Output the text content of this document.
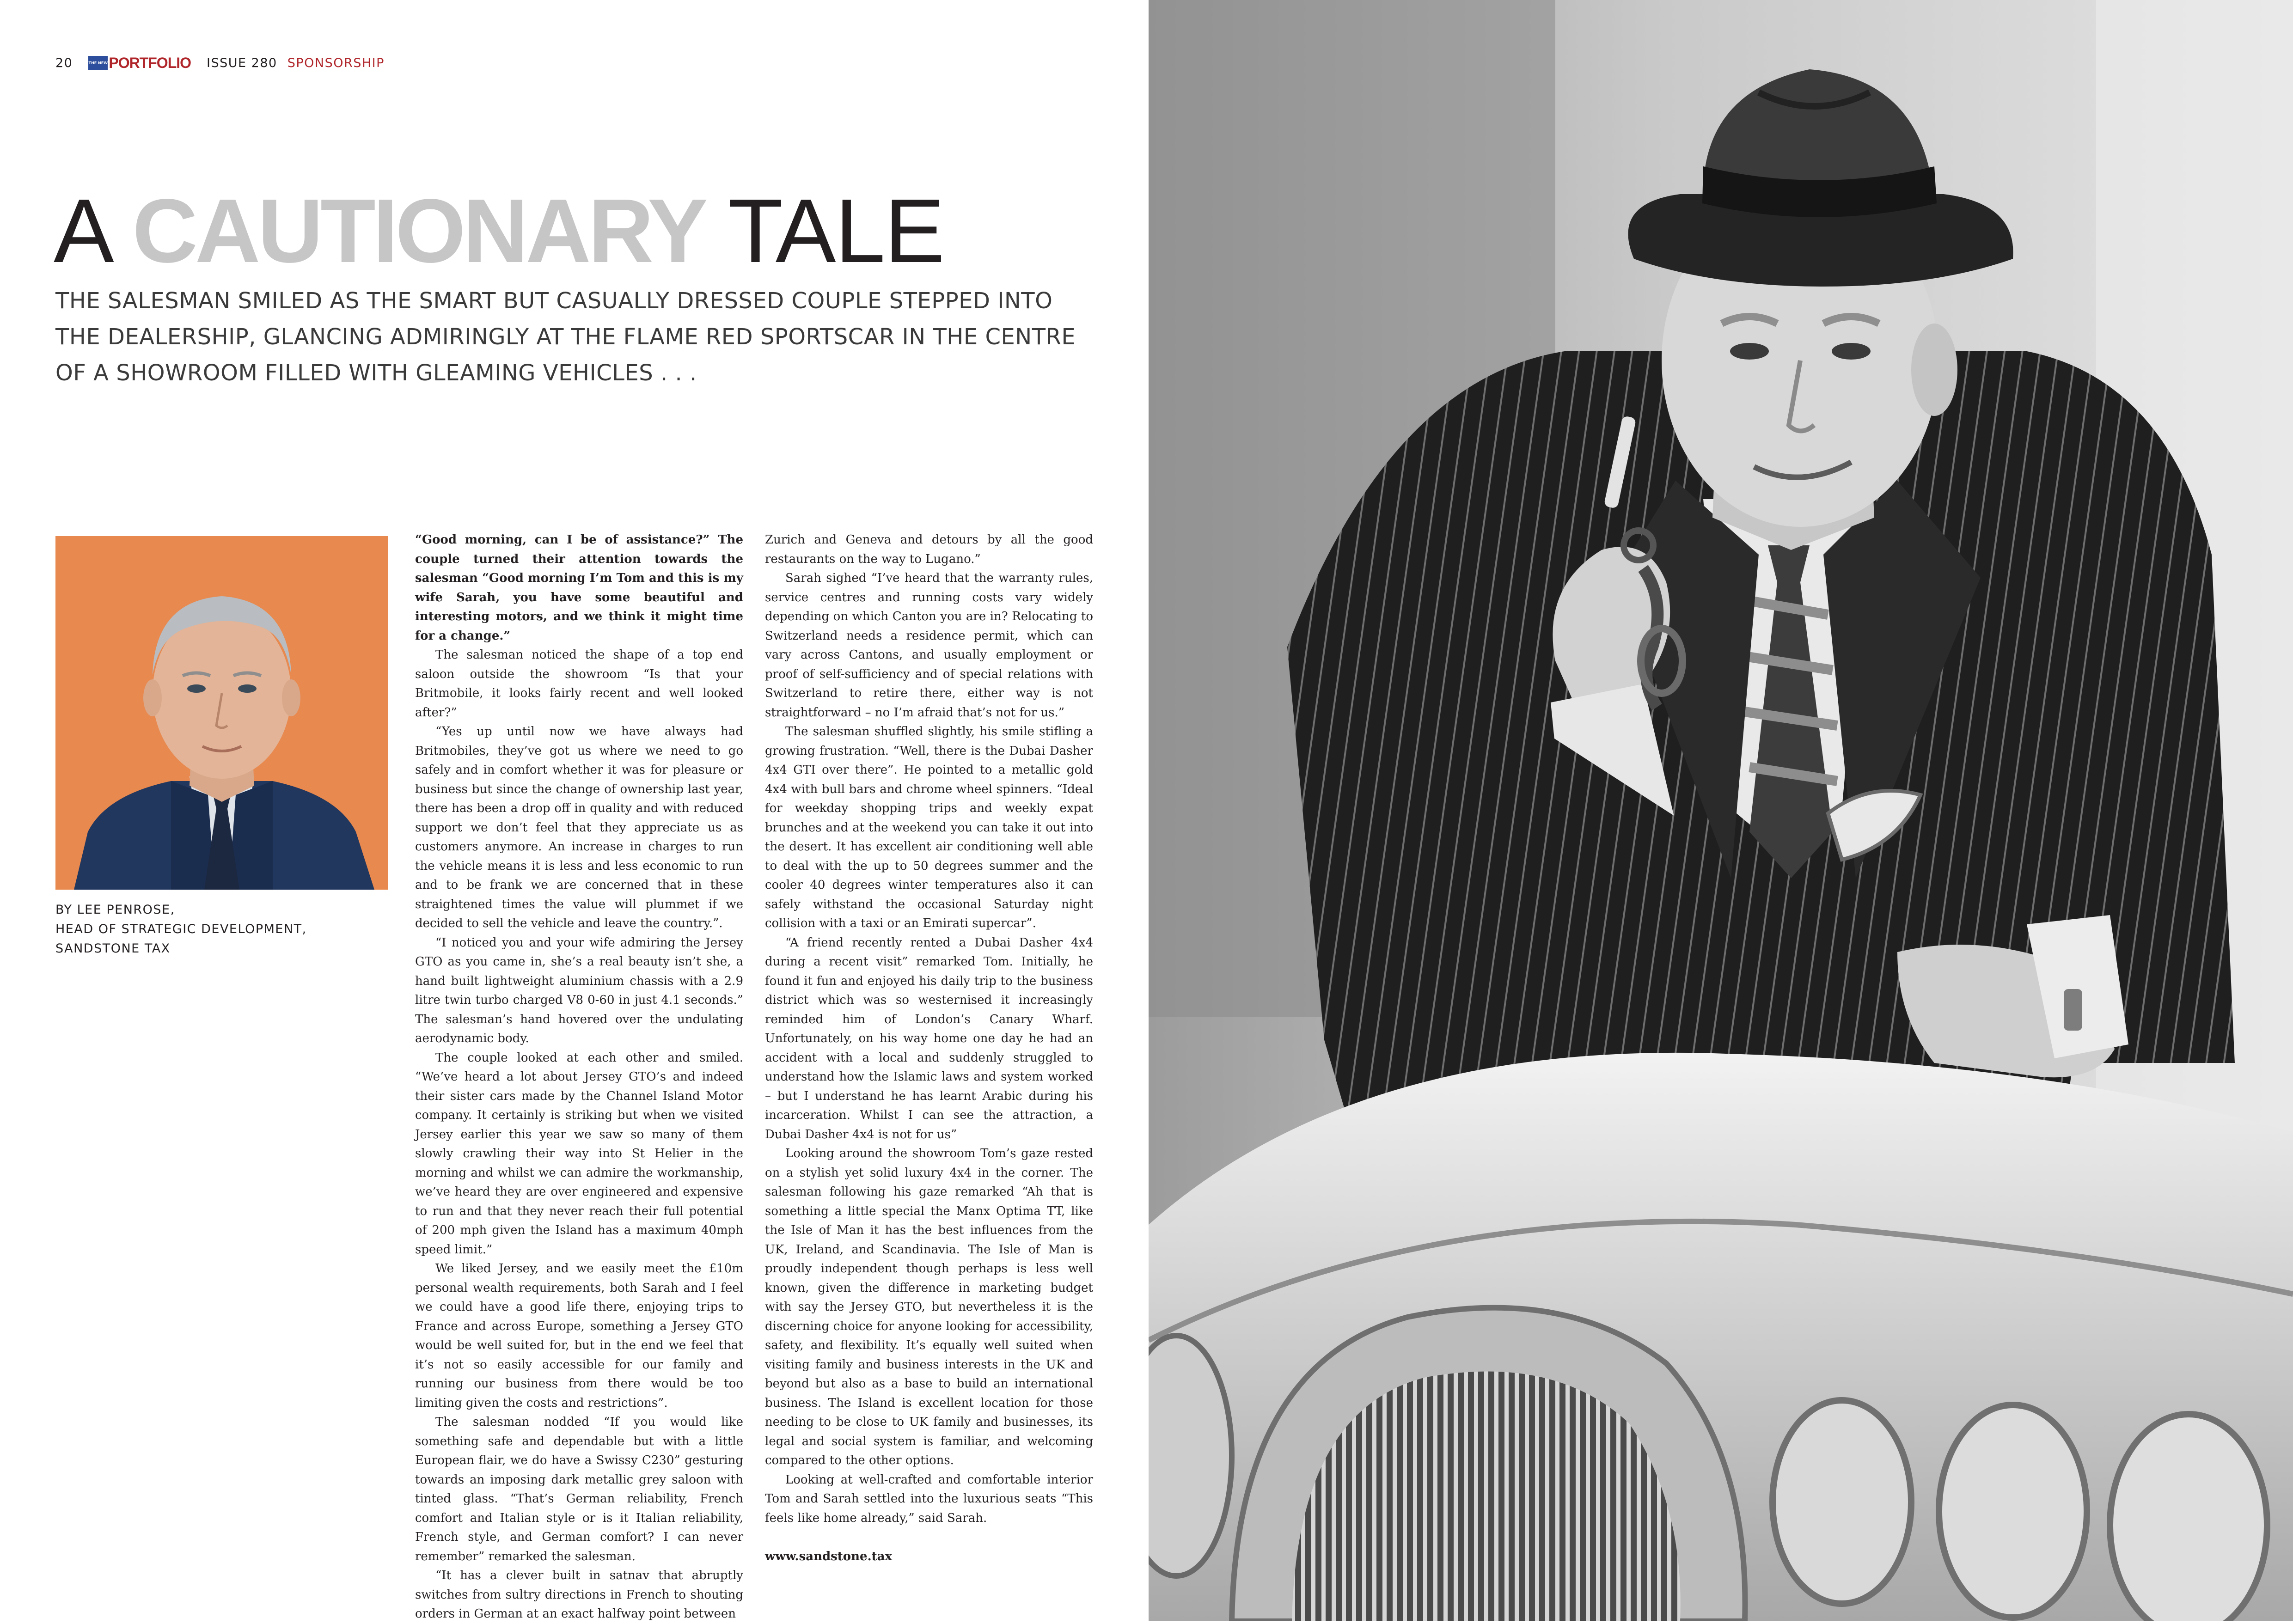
20	THE NEW PORTFOLIO ISSUE 280 SPONSORSHIP
A CAUTIONARY TALE
THE SALESMAN SMILED AS THE SMART BUT CASUALLY DRESSED COUPLE STEPPED INTO THE DEALERSHIP, GLANCING ADMIRINGLY AT THE FLAME RED SPORTSCAR IN THE CENTRE OF A SHOWROOM FILLED WITH GLEAMING VEHICLES . . .
BY LEE PENROSE,
HEAD OF STRATEGIC DEVELOPMENT,
SANDSTONE TAX

“Good morning, can I be of assistance?” The couple turned their attention towards the salesman “Good morning I’m Tom and this is my wife Sarah, you have some beautiful and interesting motors, and we think it might time for a change.”

The salesman noticed the shape of a top end saloon outside the showroom “Is that your Britmobile, it looks fairly recent and well looked after?”

“Yes up until now we have always had Britmobiles, they’ve got us where we need to go safely and in comfort whether it was for pleasure or business but since the change of ownership last year, there has been a drop off in quality and with reduced support we don’t feel that they appreciate us as customers anymore. An increase in charges to run the vehicle means it is less and less economic to run and to be frank we are concerned that in these straightened times the value will plummet if we decided to sell the vehicle and leave the country.”.

“I noticed you and your wife admiring the Jersey GTO as you came in, she’s a real beauty isn’t she, a hand built lightweight aluminium chassis with a 2.9 litre twin turbo charged V8 0-60 in just 4.1 seconds.” The salesman’s hand hovered over the undulating aerodynamic body.

The couple looked at each other and smiled. “We’ve heard a lot about Jersey GTO’s and indeed their sister cars made by the Channel Island Motor company. It certainly is striking but when we visited Jersey earlier this year we saw so many of them slowly crawling their way into St Helier in the morning and whilst we can admire the workmanship, we’ve heard they are over engineered and expensive to run and that they never reach their full potential of 200 mph given the Island has a maximum 40mph speed limit.”

We liked Jersey, and we easily meet the £10m personal wealth requirements, both Sarah and I feel we could have a good life there, enjoying trips to France and across Europe, something a Jersey GTO would be well suited for, but in the end we feel that it’s not so easily accessible for our family and running our business from there would be too limiting given the costs and restrictions”.

The salesman nodded “If you would like something safe and dependable but with a little European flair, we do have a Swissy C230” gesturing towards an imposing dark metallic grey saloon with tinted glass. “That’s German reliability, French comfort and Italian style or is it Italian reliability, French style, and German comfort? I can never remember” remarked the salesman.

“It has a clever built in satnav that abruptly switches from sultry directions in French to shouting orders in German at an exact halfway point between

Zurich and Geneva and detours by all the good restaurants on the way to Lugano.”

Sarah sighed “I’ve heard that the warranty rules, service centres and running costs vary widely depending on which Canton you are in? Relocating to Switzerland needs a residence permit, which can vary across Cantons, and usually employment or proof of self-sufficiency and of special relations with Switzerland to retire there, either way is not straightforward – no I’m afraid that’s not for us.”

The salesman shuffled slightly, his smile stifling a growing frustration. “Well, there is the Dubai Dasher 4x4 GTI over there”. He pointed to a metallic gold 4x4 with bull bars and chrome wheel spinners. “Ideal for weekday shopping trips and weekly expat brunches and at the weekend you can take it out into the desert. It has excellent air conditioning well able to deal with the up to 50 degrees summer and the cooler 40 degrees winter temperatures also it can safely withstand the occasional Saturday night collision with a taxi or an Emirati supercar”.

“A friend recently rented a Dubai Dasher 4x4 during a recent visit” remarked Tom. Initially, he found it fun and enjoyed his daily trip to the business district which was so westernised it increasingly reminded him of London’s Canary Wharf. Unfortunately, on his way home one day he had an accident with a local and suddenly struggled to understand how the Islamic laws and system worked – but I understand he has learnt Arabic during his incarceration. Whilst I can see the attraction, a Dubai Dasher 4x4 is not for us”

Looking around the showroom Tom’s gaze rested on a stylish yet solid luxury 4x4 in the corner. The salesman following his gaze remarked “Ah that is something a little special the Manx Optima TT, like the Isle of Man it has the best influences from the UK, Ireland, and Scandinavia. The Isle of Man is proudly independent though perhaps is less well known, given the difference in marketing budget with say the Jersey GTO, but nevertheless it is the discerning choice for anyone looking for accessibility, safety, and flexibility. It’s equally well suited when visiting family and business interests in the UK and beyond but also as a base to build an international business. The Island is excellent location for those needing to be close to UK family and businesses, its legal and social system is familiar, and welcoming compared to the other options.

Looking at well-crafted and comfortable interior Tom and Sarah settled into the luxurious seats “This feels like home already,” said Sarah.

www.sandstone.tax
